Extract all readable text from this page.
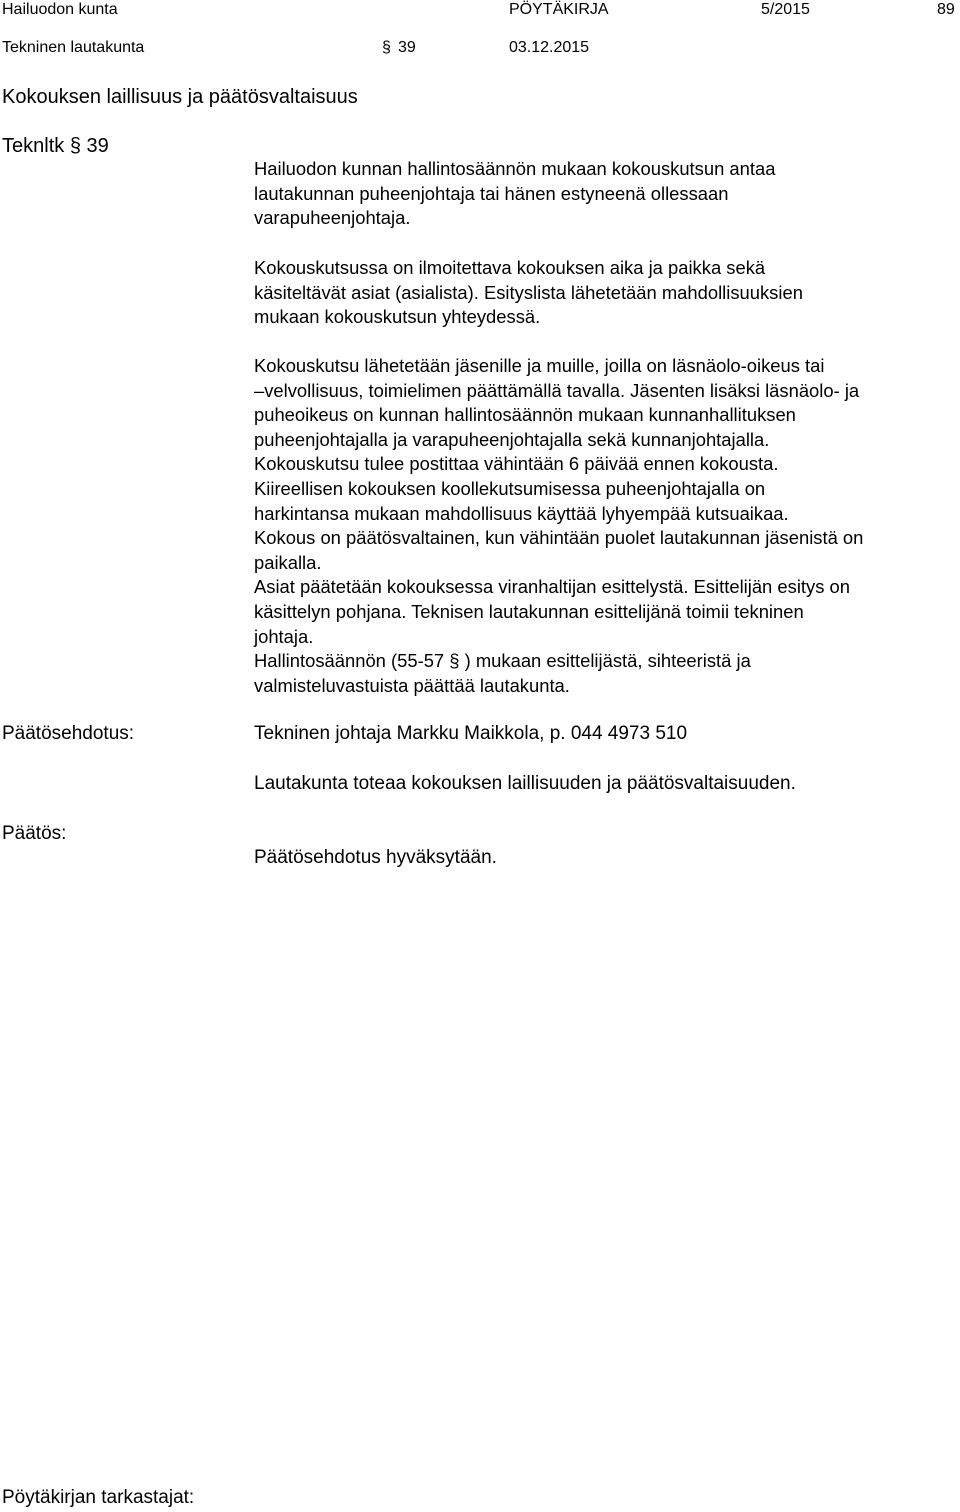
Hailuodon kunta	PÖYTÄKIRJA	5/2015	89
Tekninen lautakunta	§ 39	03.12.2015
Kokouksen laillisuus ja päätösvaltaisuus
Teknltk § 39

Hailuodon kunnan hallintosäännön mukaan kokouskutsun antaa
lautakunnan puheenjohtaja tai hänen estyneenä ollessaan
varapuheenjohtaja.

Kokouskutsussa on ilmoitettava kokouksen aika ja paikka sekä
käsiteltävät asiat (asialista). Esityslista lähetetään mahdollisuuksien
mukaan kokouskutsun yhteydessä.

Kokouskutsu lähetetään jäsenille ja muille, joilla on läsnäolo-oikeus tai
–velvollisuus, toimielimen päättämällä tavalla. Jäsenten lisäksi läsnäolo- ja
puheoikeus on kunnan hallintosäännön mukaan kunnanhallituksen
puheenjohtajalla ja varapuheenjohtajalla sekä kunnanjohtajalla.
Kokouskutsu tulee postittaa vähintään 6 päivää ennen kokousta.
Kiireellisen kokouksen koollekutsumisessa puheenjohtajalla on
harkintansa mukaan mahdollisuus käyttää lyhyempää kutsuaikaa.
Kokous on päätösvaltainen, kun vähintään puolet lautakunnan jäsenistä on
paikalla.
Asiat päätetään kokouksessa viranhaltijan esittelystä. Esittelijän esitys on
käsittelyn pohjana. Teknisen lautakunnan esittelijänä toimii tekninen
johtaja.
Hallintosäännön (55-57 § ) mukaan esittelijästä, sihteeristä ja
valmisteluvastuista päättää lautakunta.

Päätösehdotus:	Tekninen johtaja Markku Maikkola, p. 044 4973 510
Lautakunta toteaa kokouksen laillisuuden ja päätösvaltaisuuden.
Päätös:
Päätösehdotus hyväksytään.
Pöytäkirjan tarkastajat:
